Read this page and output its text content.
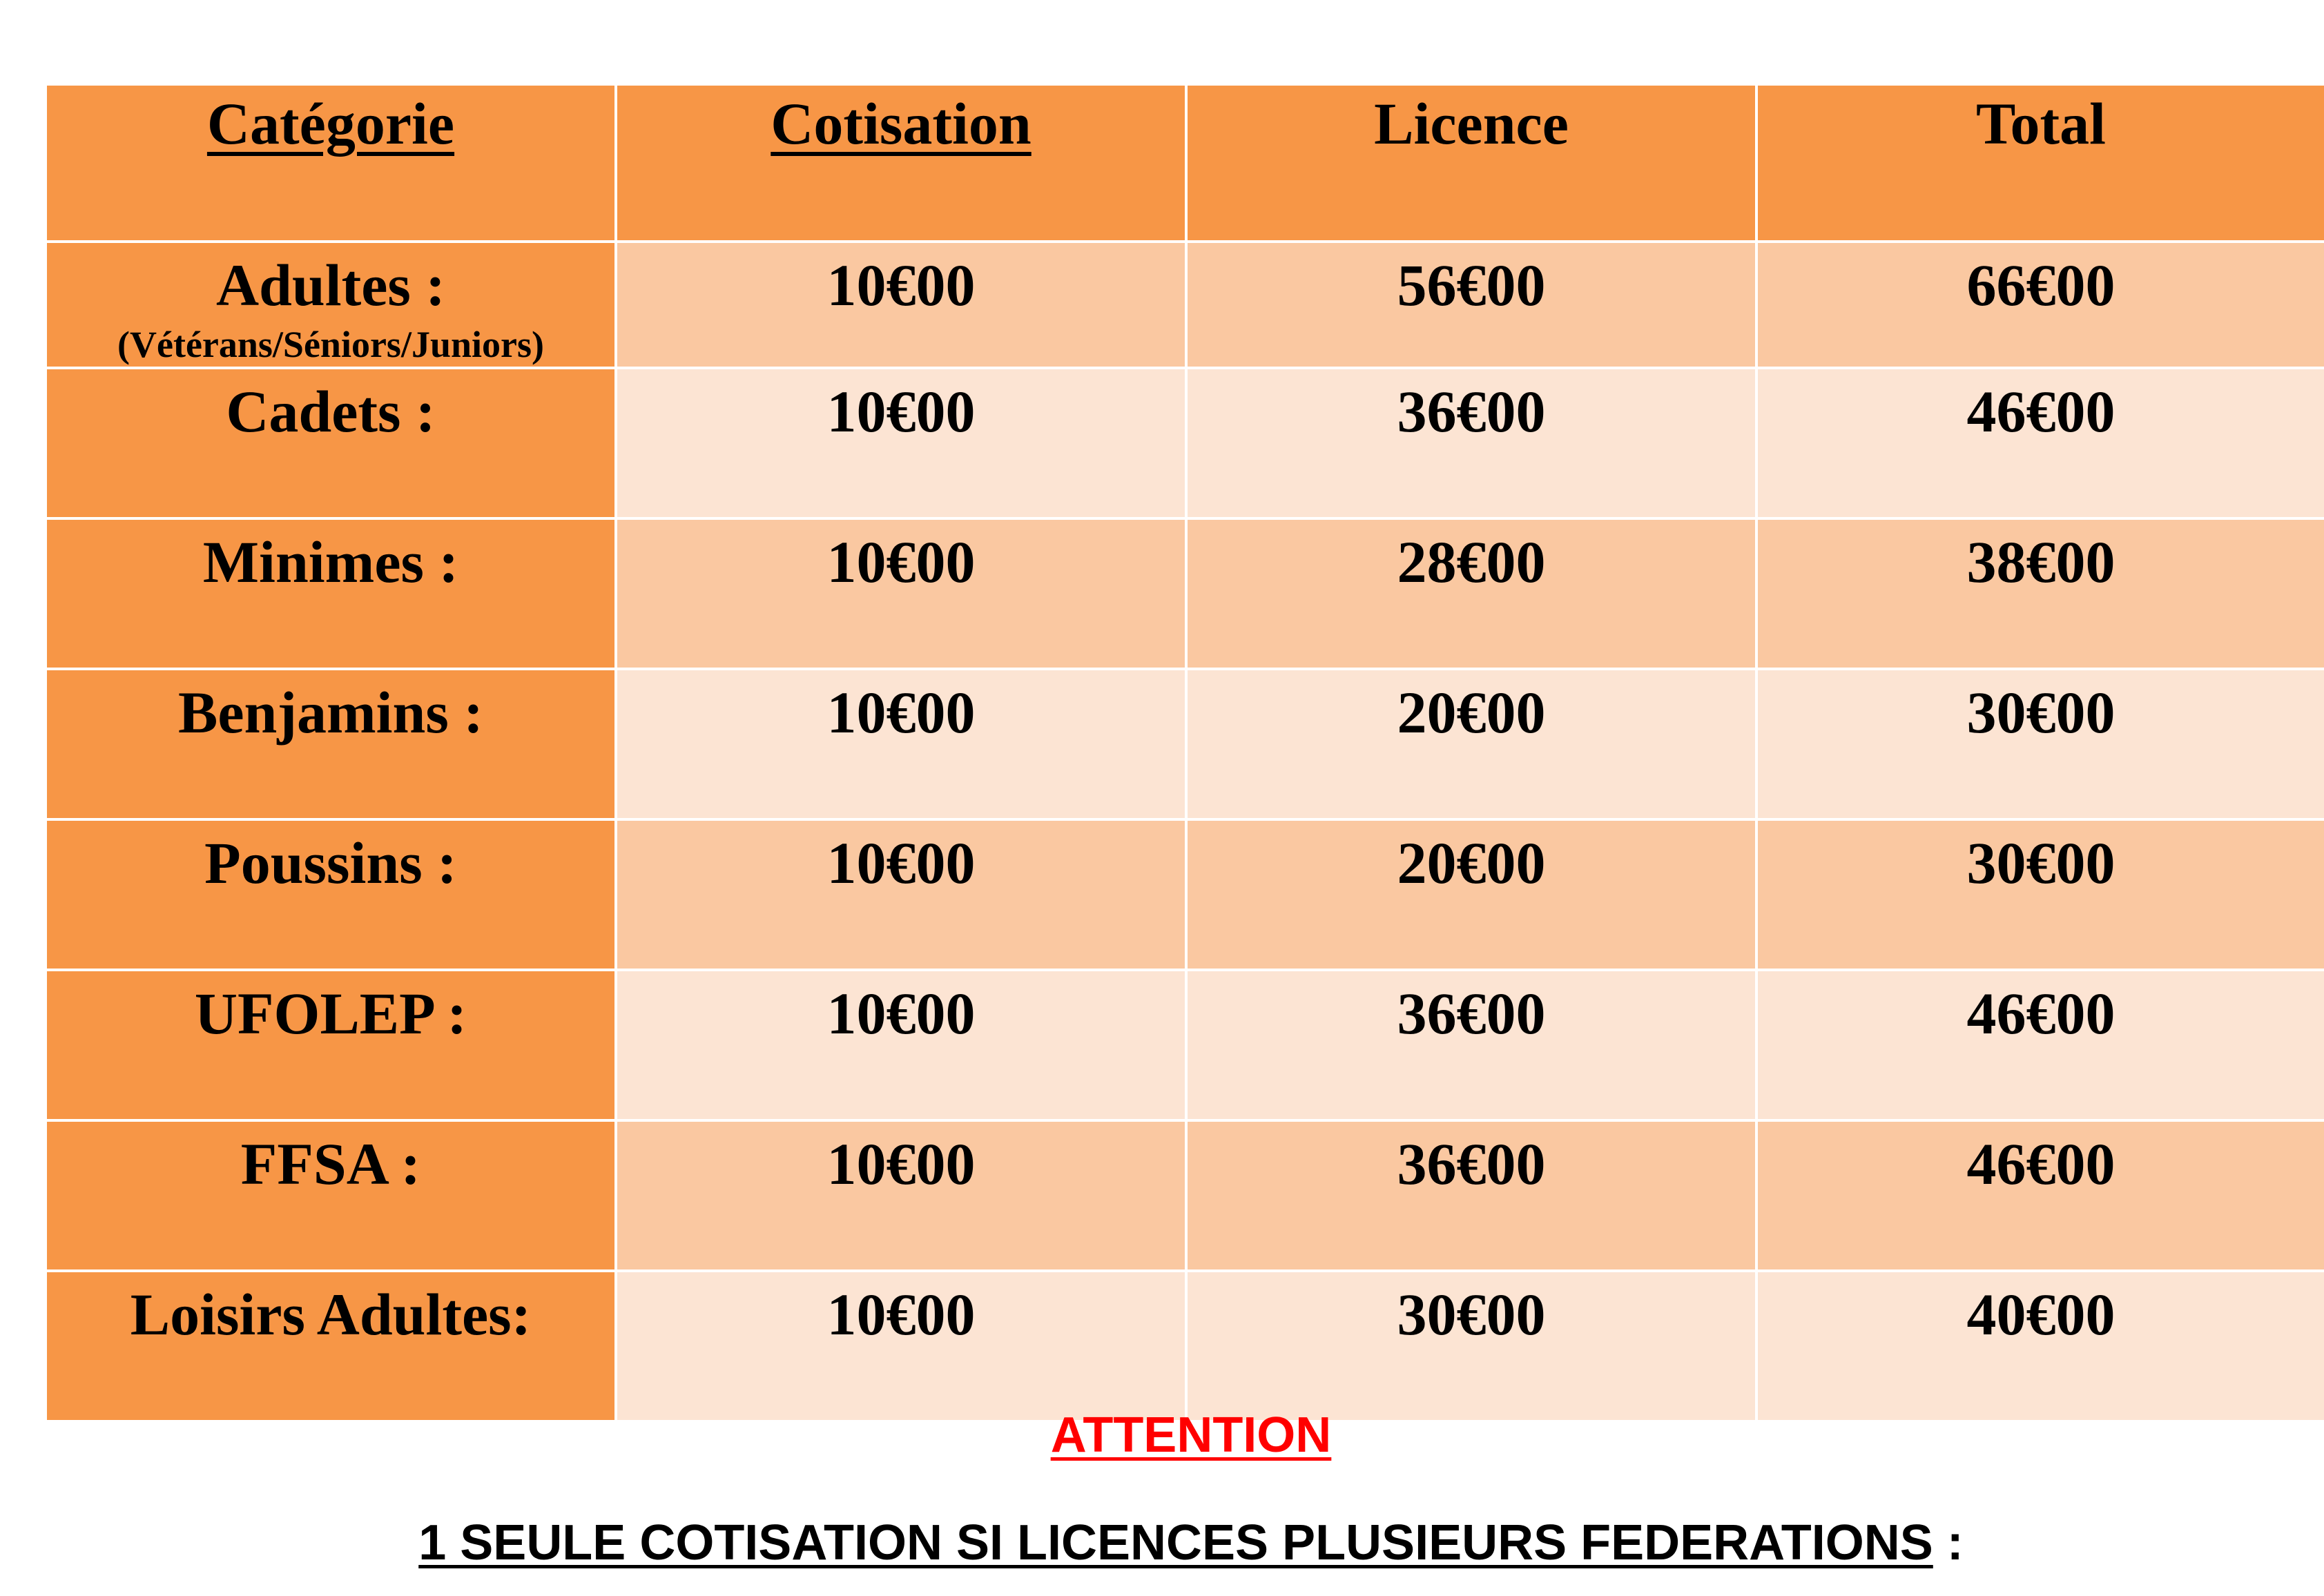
Catégorie	Cotisation	Licence	Total
Adultes :
(Vétérans/Séniors/Juniors)	10€00	56€00	66€00
Cadets :	10€00	36€00	46€00
Minimes :	10€00	28€00	38€00
Benjamins :	10€00	20€00	30€00
Poussins :	10€00	20€00	30€00
UFOLEP :	10€00	36€00	46€00
FFSA :	10€00	36€00	46€00
Loisirs Adultes:	10€00	30€00	40€00
ATTENTION
1 SEULE COTISATION SI LICENCES PLUSIEURS FEDERATIONS :
